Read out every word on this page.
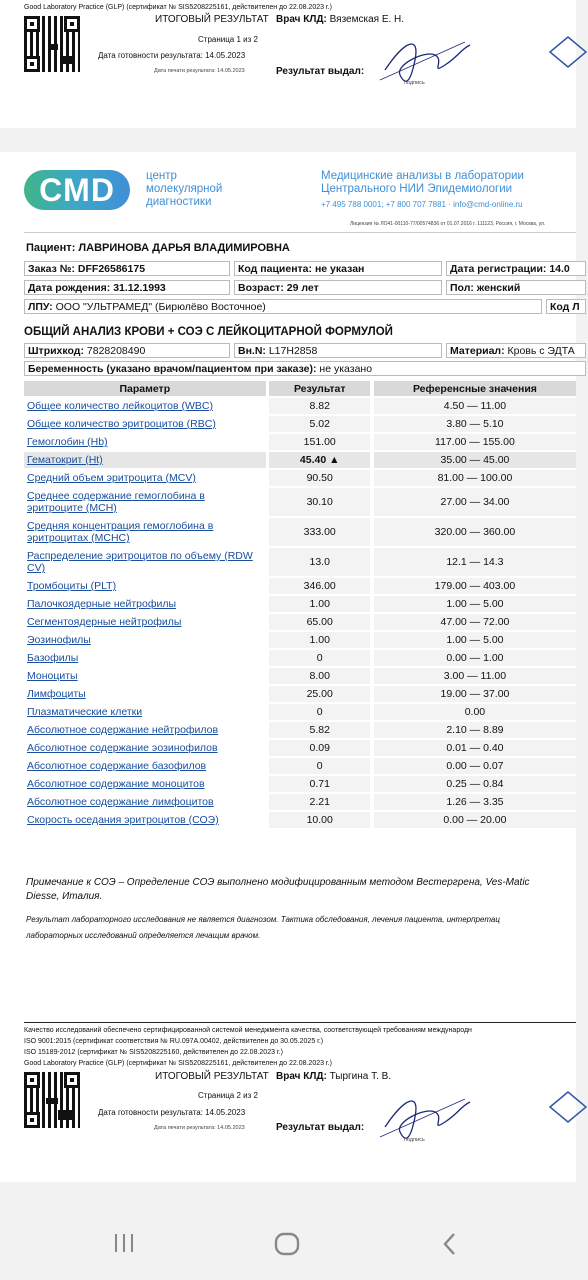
Good Laboratory Practice (GLP) (сертификат № SIS5208225161, действителен до 22.08.2023 г.)
ИТОГОВЫЙ РЕЗУЛЬТАТ Врач КЛД: Вяземская Е. Н.
Страница 1 из 2
Дата готовности результата: 14.05.2023
Дата печати результата: 14.05.2023	Результат выдал:
подпись
CMD	центр
молекулярной
диагностики
Медицинские анализы в лаборатории
Центрального НИИ Эпидемиологии
+7 495 788 0001; +7 800 707 7881 · info@cmd-online.ru
Лицензия № ЛО41-00110-77/00574836 от 01.07.2016 г. 111123, Россия, г. Москва, ул.
Пациент: ЛАВРИНОВА ДАРЬЯ ВЛАДИМИРОВНА
Заказ №: DFF26586175	Код пациента: не указан	Дата регистрации: 14.0
Дата рождения: 31.12.1993	Возраст: 29 лет	Пол: женский
ЛПУ: ООО "УЛЬТРАМЕД" (Бирюлёво Восточное)	Код Л
ОБЩИЙ АНАЛИЗ КРОВИ + СОЭ С ЛЕЙКОЦИТАРНОЙ ФОРМУЛОЙ
Штрихкод: 7828208490	Вн.N: L17H2858	Материал: Кровь с ЭДТА
Беременность (указано врачом/пациентом при заказе): не указано
Параметр		Результат		Референсные значения
Общее количество лейкоцитов (WBC)		8.82		4.50 — 11.00
Общее количество эритроцитов (RBC)		5.02		3.80 — 5.10
Гемоглобин (Hb)		151.00		117.00 — 155.00
Гематокрит (Ht)		45.40 ▲		35.00 — 45.00
Средний объем эритроцита (MCV)		90.50		81.00 — 100.00
Среднее содержание гемоглобина в эритроците (MCH)		30.10		27.00 — 34.00
Средняя концентрация гемоглобина в эритроцитах (MCHC)		333.00		320.00 — 360.00
Распределение эритроцитов по объему (RDW CV)		13.0		12.1 — 14.3
Тромбоциты (PLT)		346.00		179.00 — 403.00
Палочкоядерные нейтрофилы		1.00		1.00 — 5.00
Сегментоядерные нейтрофилы		65.00		47.00 — 72.00
Эозинофилы		1.00		1.00 — 5.00
Базофилы		0		0.00 — 1.00
Моноциты		8.00		3.00 — 11.00
Лимфоциты		25.00		19.00 — 37.00
Плазматические клетки		0		0.00
Абсолютное содержание нейтрофилов		5.82		2.10 — 8.89
Абсолютное содержание эозинофилов		0.09		0.01 — 0.40
Абсолютное содержание базофилов		0		0.00 — 0.07
Абсолютное содержание моноцитов		0.71		0.25 — 0.84
Абсолютное содержание лимфоцитов		2.21		1.26 — 3.35
Скорость оседания эритроцитов (СОЭ)		10.00		0.00 — 20.00
Примечание к СОЭ – Определение СОЭ выполнено модифицированным методом Вестергрена, Ves-Matic
Diesse, Италия.
Результат лабораторного исследования не является диагнозом. Тактика обследования, лечения пациента, интерпретац
лабораторных исследований определяется лечащим врачом.
Качество исследований обеспечено сертифицированной системой менеджмента качества, соответствующей требованиям международн
ISO 9001:2015 (сертификат соответствия № RU.097A.00402, действителен до 30.05.2025 г.)
ISO 15189-2012 (сертификат № SIS5208225160, действителен до 22.08.2023 г.)
Good Laboratory Practice (GLP) (сертификат № SIS5208225161, действителен до 22.08.2023 г.)
ИТОГОВЫЙ РЕЗУЛЬТАТ Врач КЛД: Тыргина Т. В.
Страница 2 из 2
Дата готовности результата: 14.05.2023
Дата печати результата: 14.05.2023	Результат выдал:
подпись
